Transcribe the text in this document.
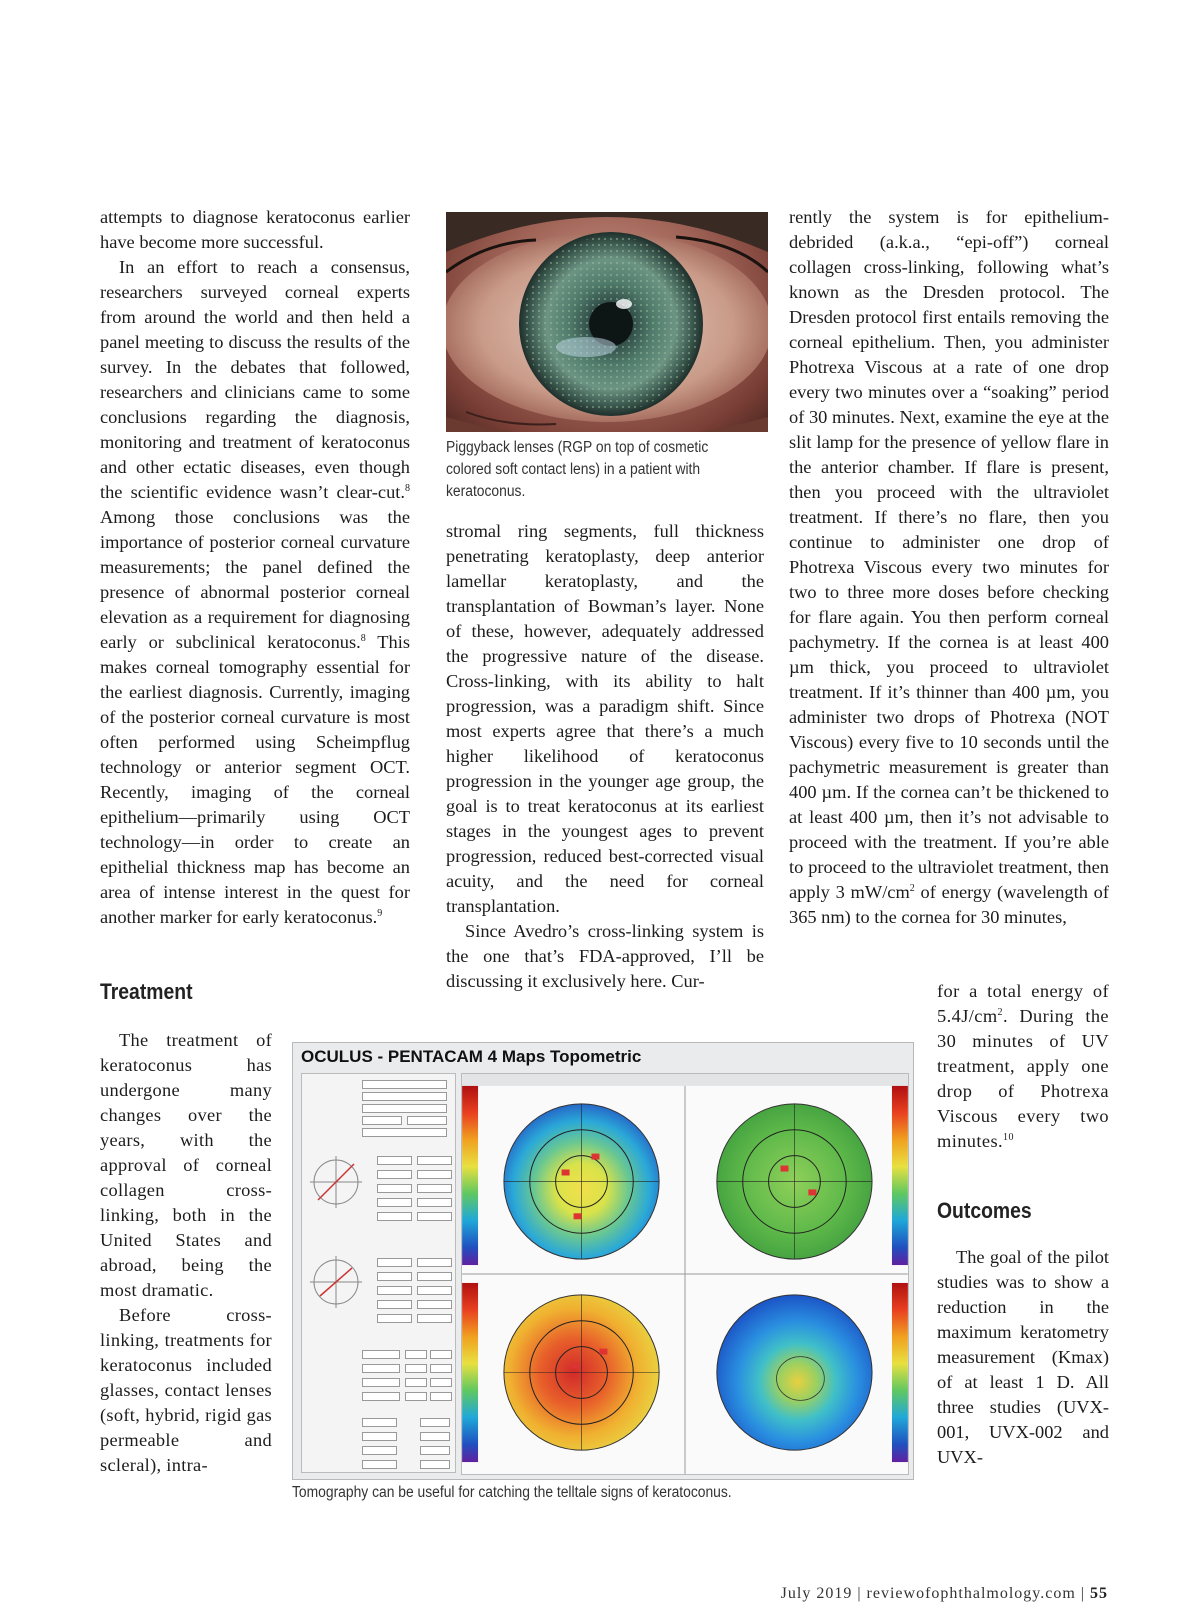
attempts to diagnose keratoconus earlier have become more successful.

In an effort to reach a consensus, researchers surveyed corneal experts from around the world and then held a panel meeting to discuss the results of the survey. In the debates that followed, researchers and clinicians came to some conclusions regarding the diagnosis, monitoring and treatment of keratoconus and other ectatic diseases, even though the scientific evidence wasn’t clear-cut.$^8$ Among those conclusions was the importance of posterior corneal curvature measurements; the panel defined the presence of abnormal posterior corneal elevation as a requirement for diagnosing early or subclinical keratoconus.$^8$ This makes corneal tomography essential for the earliest diagnosis. Currently, imaging of the posterior corneal curvature is most often performed using Scheimpflug technology or anterior segment OCT. Recently, imaging of the corneal epithelium—primarily using OCT technology—in order to create an epithelial thickness map has become an area of intense interest in the quest for another marker for early keratoconus.$^9$

Treatment

The treatment of keratoconus has undergone many changes over the years, with the approval of corneal collagen cross-linking, both in the United States and abroad, being the most dramatic.

Before cross-linking, treatments for keratoconus included glasses, contact lenses (soft, hybrid, rigid gas permeable and scleral), intra-

Piggyback lenses (RGP on top of cosmetic colored soft contact lens) in a patient with keratoconus.

stromal ring segments, full thickness penetrating keratoplasty, deep anterior lamellar keratoplasty, and the transplantation of Bowman’s layer. None of these, however, adequately addressed the progressive nature of the disease. Cross-linking, with its ability to halt progression, was a paradigm shift. Since most experts agree that there’s a much higher likelihood of keratoconus progression in the younger age group, the goal is to treat keratoconus at its earliest stages in the youngest ages to prevent progression, reduced best-corrected visual acuity, and the need for corneal transplantation.

Since Avedro’s cross-linking system is the one that’s FDA-approved, I’ll be discussing it exclusively here. Cur-

rently the system is for epithelium-debrided (a.k.a., “epi-off”) corneal collagen cross-linking, following what’s known as the Dresden protocol. The Dresden protocol first entails removing the corneal epithelium. Then, you administer Photrexa Viscous at a rate of one drop every two minutes over a “soaking” period of 30 minutes. Next, examine the eye at the slit lamp for the presence of yellow flare in the anterior chamber. If flare is present, then you proceed with the ultraviolet treatment. If there’s no flare, then you continue to administer one drop of Photrexa Viscous every two minutes for two to three more doses before checking for flare again. You then perform corneal pachymetry. If the cornea is at least 400 µm thick, you proceed to ultraviolet treatment. If it’s thinner than 400 µm, you administer two drops of Photrexa (NOT Viscous) every five to 10 seconds until the pachymetric measurement is greater than 400 µm. If the cornea can’t be thickened to at least 400 µm, then it’s not advisable to proceed with the treatment. If you’re able to proceed to the ultraviolet treatment, then apply 3 $mW/cm^2$ of energy (wavelength of 365 nm) to the cornea for 30 minutes,

for a total energy of $5.4J/cm^2$. During the 30 minutes of UV treatment, apply one drop of Photrexa Viscous every two minutes.$^{10}$

Outcomes

The goal of the pilot studies was to show a reduction in the maximum keratometry measurement (Kmax) of at least 1 D. All three studies (UVX-001, UVX-002 and UVX-

OCULUS - PENTACAM 4 Maps Topometric
Tomography can be useful for catching the telltale signs of keratoconus.
July 2019 | reviewofophthalmology.com | 55
